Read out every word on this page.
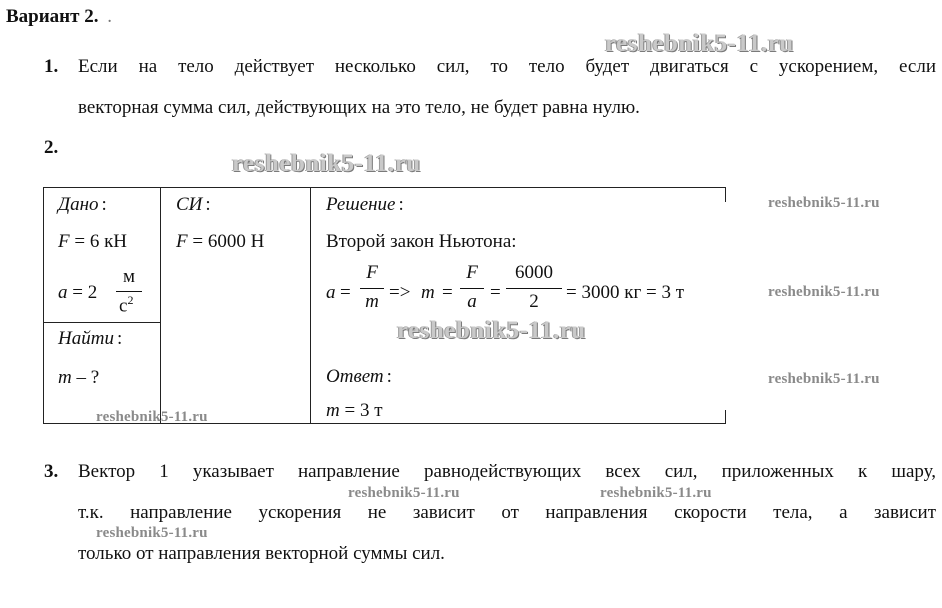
Вариант 2. .
1. Если на тело действует несколько сил, то тело будет двигаться с ускорением, если
векторная сумма сил, действующих на это тело, не будет равна нулю.
2.
Дано :
F = 6 кН
a = 2
м
$с^2$
Найти :
m – ?
СИ :
F = 6000 Н
Решение :
Второй закон Ньютона:
a =
F
m => m =
F
a =
6000
2	= 3000 кг = 3 т
Ответ :
m = 3 т
3. Вектор 1 указывает направление равнодействующих всех сил, приложенных к шару,
т.к. направление ускорения не зависит от направления скорости тела, а зависит
только от направления векторной суммы сил.
reshebnik5-11.ru
reshebnik5-11.ru
reshebnik5-11.ru
reshebnik5-11.ru
reshebnik5-11.ru
reshebnik5-11.ru
reshebnik5-11.ru
reshebnik5-11.ru	reshebnik5-11.ru
reshebnik5-11.ru
